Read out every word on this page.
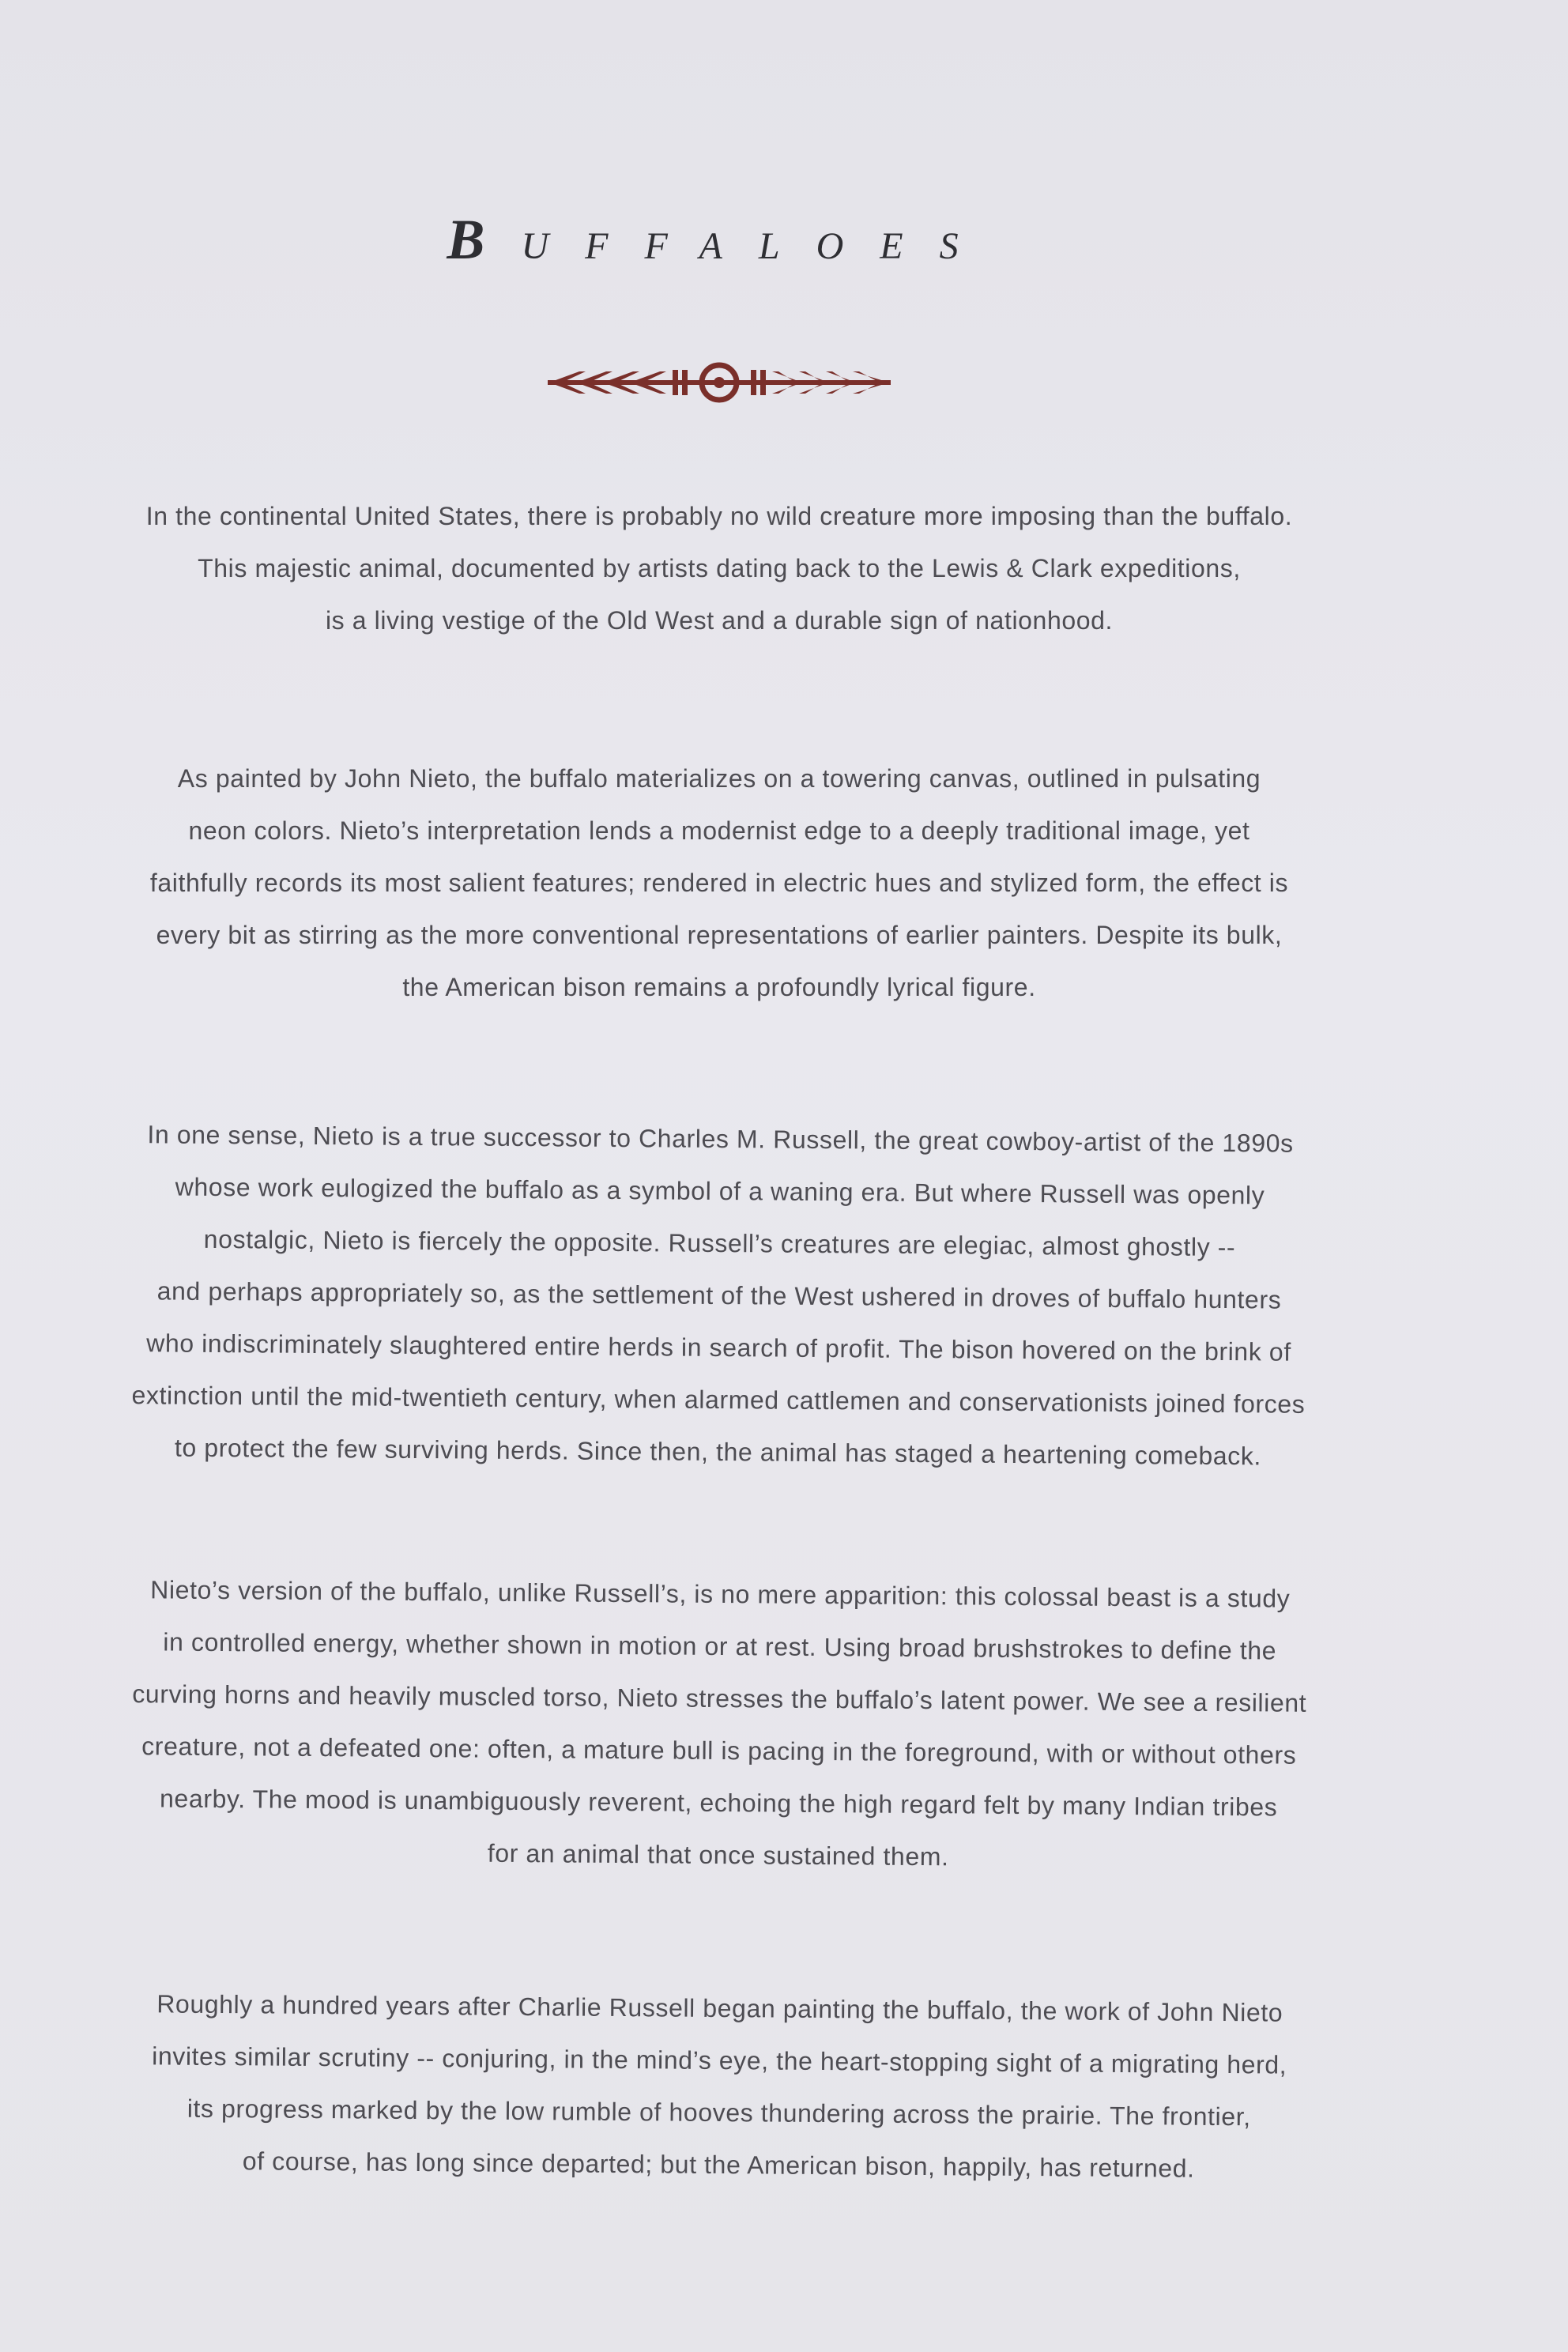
BUFFALOES
In the continental United States, there is probably no wild creature more imposing than the buffalo.
This majestic animal, documented by artists dating back to the Lewis & Clark expeditions,
is a living vestige of the Old West and a durable sign of nationhood.
As painted by John Nieto, the buffalo materializes on a towering canvas, outlined in pulsating
neon colors. Nieto’s interpretation lends a modernist edge to a deeply traditional image, yet
faithfully records its most salient features; rendered in electric hues and stylized form, the effect is
every bit as stirring as the more conventional representations of earlier painters. Despite its bulk,
the American bison remains a profoundly lyrical figure.
In one sense, Nieto is a true successor to Charles M. Russell, the great cowboy-artist of the 1890s
whose work eulogized the buffalo as a symbol of a waning era. But where Russell was openly
nostalgic, Nieto is fiercely the opposite. Russell’s creatures are elegiac, almost ghostly --
and perhaps appropriately so, as the settlement of the West ushered in droves of buffalo hunters
who indiscriminately slaughtered entire herds in search of profit. The bison hovered on the brink of
extinction until the mid-twentieth century, when alarmed cattlemen and conservationists joined forces
to protect the few surviving herds. Since then, the animal has staged a heartening comeback.
Nieto’s version of the buffalo, unlike Russell’s, is no mere apparition: this colossal beast is a study
in controlled energy, whether shown in motion or at rest. Using broad brushstrokes to define the
curving horns and heavily muscled torso, Nieto stresses the buffalo’s latent power. We see a resilient
creature, not a defeated one: often, a mature bull is pacing in the foreground, with or without others
nearby. The mood is unambiguously reverent, echoing the high regard felt by many Indian tribes
for an animal that once sustained them.
Roughly a hundred years after Charlie Russell began painting the buffalo, the work of John Nieto
invites similar scrutiny -- conjuring, in the mind’s eye, the heart-stopping sight of a migrating herd,
its progress marked by the low rumble of hooves thundering across the prairie. The frontier,
of course, has long since departed; but the American bison, happily, has returned.
